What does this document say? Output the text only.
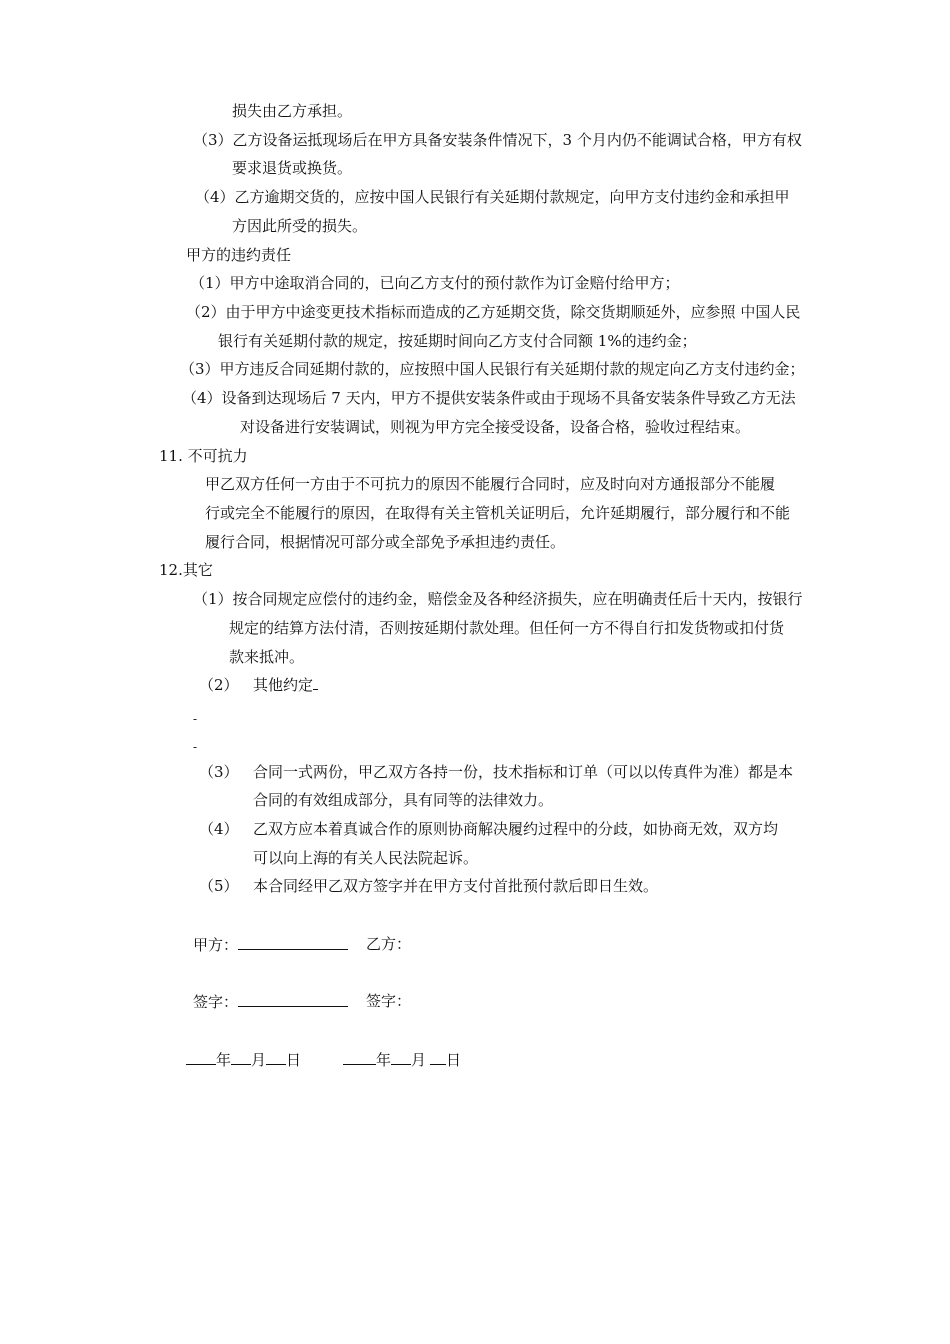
损失由乙方承担。
（3）乙方设备运抵现场后在甲方具备安装条件情况下，3 个月内仍不能调试合格，甲方有权
要求退货或换货。
（4）乙方逾期交货的，应按中国人民银行有关延期付款规定，向甲方支付违约金和承担甲
方因此所受的损失。
甲方的违约责任
（1）甲方中途取消合同的，已向乙方支付的预付款作为订金赔付给甲方；
（2）由于甲方中途变更技术指标而造成的乙方延期交货，除交货期顺延外，应参照 中国人民
银行有关延期付款的规定，按延期时间向乙方支付合同额 1%的违约金；
（3）甲方违反合同延期付款的，应按照中国人民银行有关延期付款的规定向乙方支付违约金；
（4）设备到达现场后 7 天内，甲方不提供安装条件或由于现场不具备安装条件导致乙方无法
对设备进行安装调试，则视为甲方完全接受设备，设备合格，验收过程结束。
11. 不可抗力
甲乙双方任何一方由于不可抗力的原因不能履行合同时，应及时向对方通报部分不能履
行或完全不能履行的原因，在取得有关主管机关证明后，允许延期履行，部分履行和不能
履行合同，根据情况可部分或全部免予承担违约责任。
12.其它
（1）按合同规定应偿付的违约金，赔偿金及各种经济损失，应在明确责任后十天内，按银行
规定的结算方法付清，否则按延期付款处理。但任何一方不得自行扣发货物或扣付货
款来抵冲。
（2） 其他约定
-
-
（3） 合同一式两份，甲乙双方各持一份，技术指标和订单（可以以传真件为准）都是本
合同的有效组成部分，具有同等的法律效力。
（4） 乙双方应本着真诚合作的原则协商解决履约过程中的分歧，如协商无效，双方均
可以向上海的有关人民法院起诉。
（5） 本合同经甲乙双方签字并在甲方支付首批预付款后即日生效。
甲方：	乙方：
签字：	签字：
年 月 日	年 月 日
